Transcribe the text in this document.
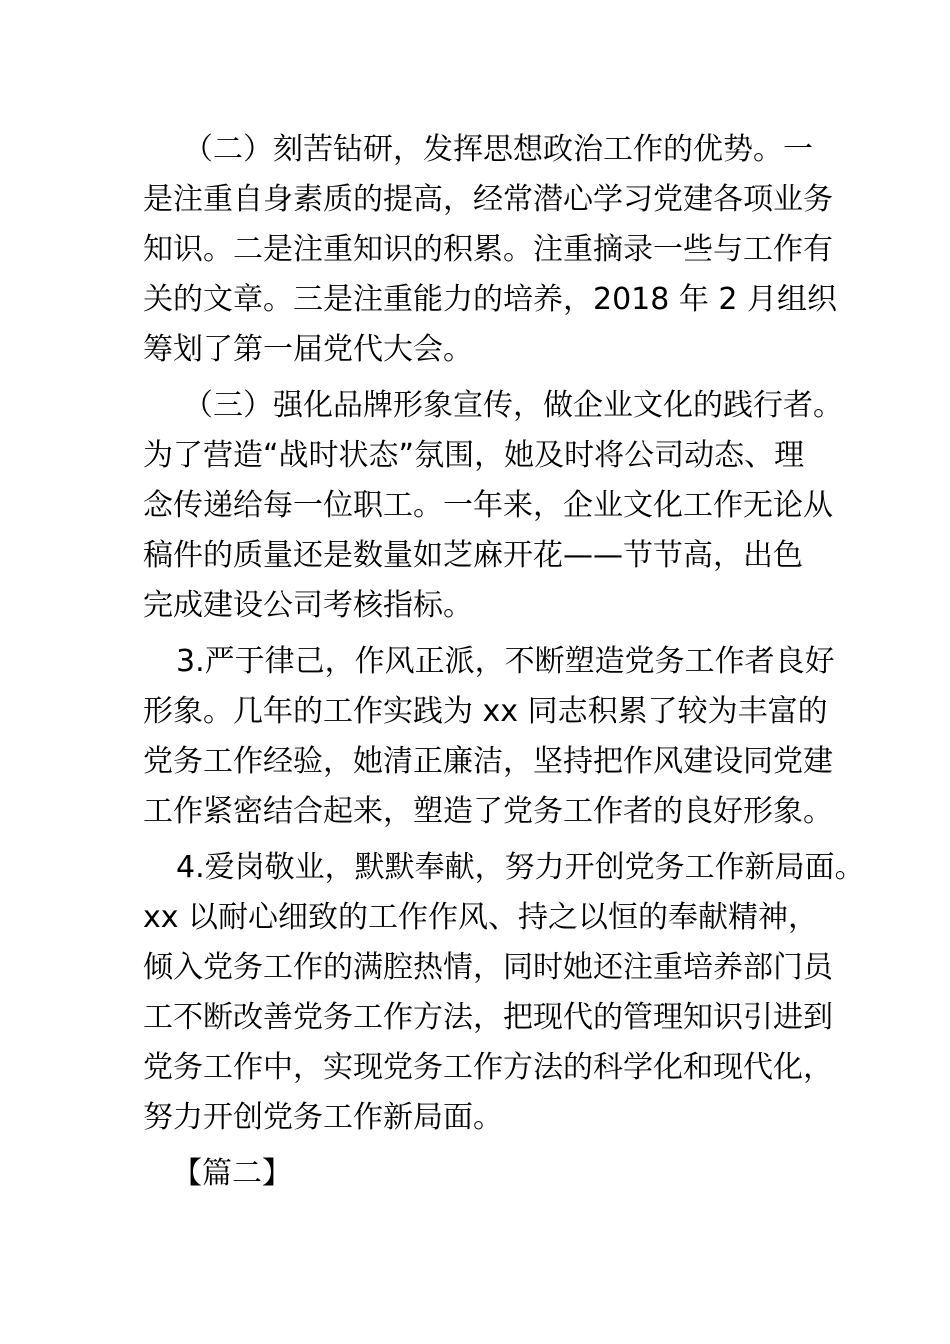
（二）刻苦钻研，发挥思想政治工作的优势。一
是注重自身素质的提高，经常潜心学习党建各项业务
知识。二是注重知识的积累。注重摘录一些与工作有
关的文章。三是注重能力的培养，2018 年 2 月组织
筹划了第一届党代大会。
（三）强化品牌形象宣传，做企业文化的践行者。
为了营造“战时状态”氛围，她及时将公司动态、理
念传递给每一位职工。一年来，企业文化工作无论从
稿件的质量还是数量如芝麻开花——节节高，出色
完成建设公司考核指标。
3.严于律己，作风正派，不断塑造党务工作者良好
形象。几年的工作实践为 xx 同志积累了较为丰富的
党务工作经验，她清正廉洁，坚持把作风建设同党建
工作紧密结合起来，塑造了党务工作者的良好形象。
4.爱岗敬业，默默奉献，努力开创党务工作新局面。
xx 以耐心细致的工作作风、持之以恒的奉献精神，
倾入党务工作的满腔热情，同时她还注重培养部门员
工不断改善党务工作方法，把现代的管理知识引进到
党务工作中，实现党务工作方法的科学化和现代化，
努力开创党务工作新局面。
【篇二】
